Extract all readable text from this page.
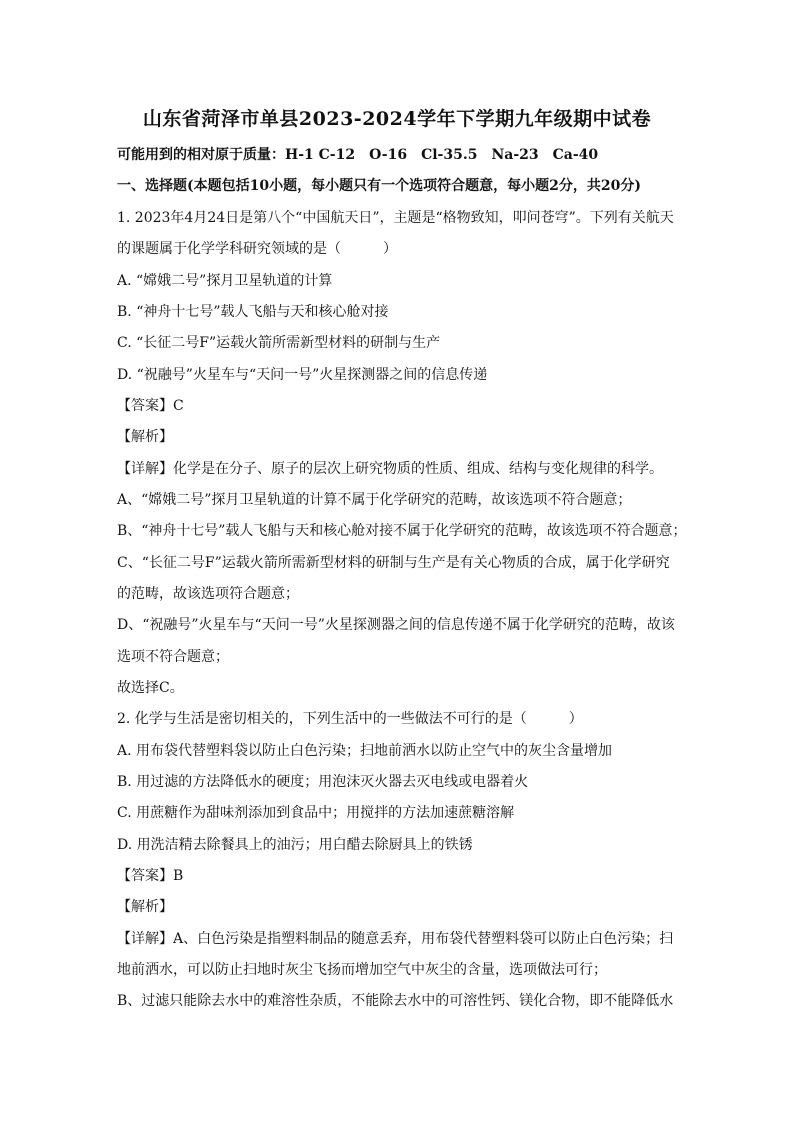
山东省菏泽市单县2023-2024学年下学期九年级期中试卷
可能用到的相对原于质量：H-1 C-12　O-16　Cl-35.5　Na-23　Ca-40
一、选择题(本题包括10小题，每小题只有一个选项符合题意，每小题2分，共20分)
1. 2023年4月24日是第八个“中国航天日”，主题是“格物致知，叩问苍穹”。下列有关航天
的课题属于化学学科研究领域的是（　　　）
A. “嫦娥二号”探月卫星轨道的计算
B. “神舟十七号”载人飞船与天和核心舱对接
C. “长征二号F”运载火箭所需新型材料的研制与生产
D. “祝融号”火星车与“天问一号”火星探测器之间的信息传递
【答案】C
【解析】
【详解】化学是在分子、原子的层次上研究物质的性质、组成、结构与变化规律的科学。
A、“嫦娥二号”探月卫星轨道的计算不属于化学研究的范畴，故该选项不符合题意；
B、“神舟十七号”载人飞船与天和核心舱对接不属于化学研究的范畴，故该选项不符合题意；
C、“长征二号F”运载火箭所需新型材料的研制与生产是有关心物质的合成，属于化学研究
的范畴，故该选项符合题意；
D、“祝融号”火星车与“天问一号”火星探测器之间的信息传递不属于化学研究的范畴，故该
选项不符合题意；
故选择C。
2. 化学与生活是密切相关的，下列生活中的一些做法不可行的是（　　　）
A. 用布袋代替塑料袋以防止白色污染；扫地前洒水以防止空气中的灰尘含量增加
B. 用过滤的方法降低水的硬度；用泡沫灭火器去灭电线或电器着火
C. 用蔗糖作为甜味剂添加到食品中；用搅拌的方法加速蔗糖溶解
D. 用洗洁精去除餐具上的油污；用白醋去除厨具上的铁锈
【答案】B
【解析】
【详解】A、白色污染是指塑料制品的随意丢弃，用布袋代替塑料袋可以防止白色污染；扫
地前洒水，可以防止扫地时灰尘飞扬而增加空气中灰尘的含量，选项做法可行；
B、过滤只能除去水中的难溶性杂质，不能除去水中的可溶性钙、镁化合物，即不能降低水
